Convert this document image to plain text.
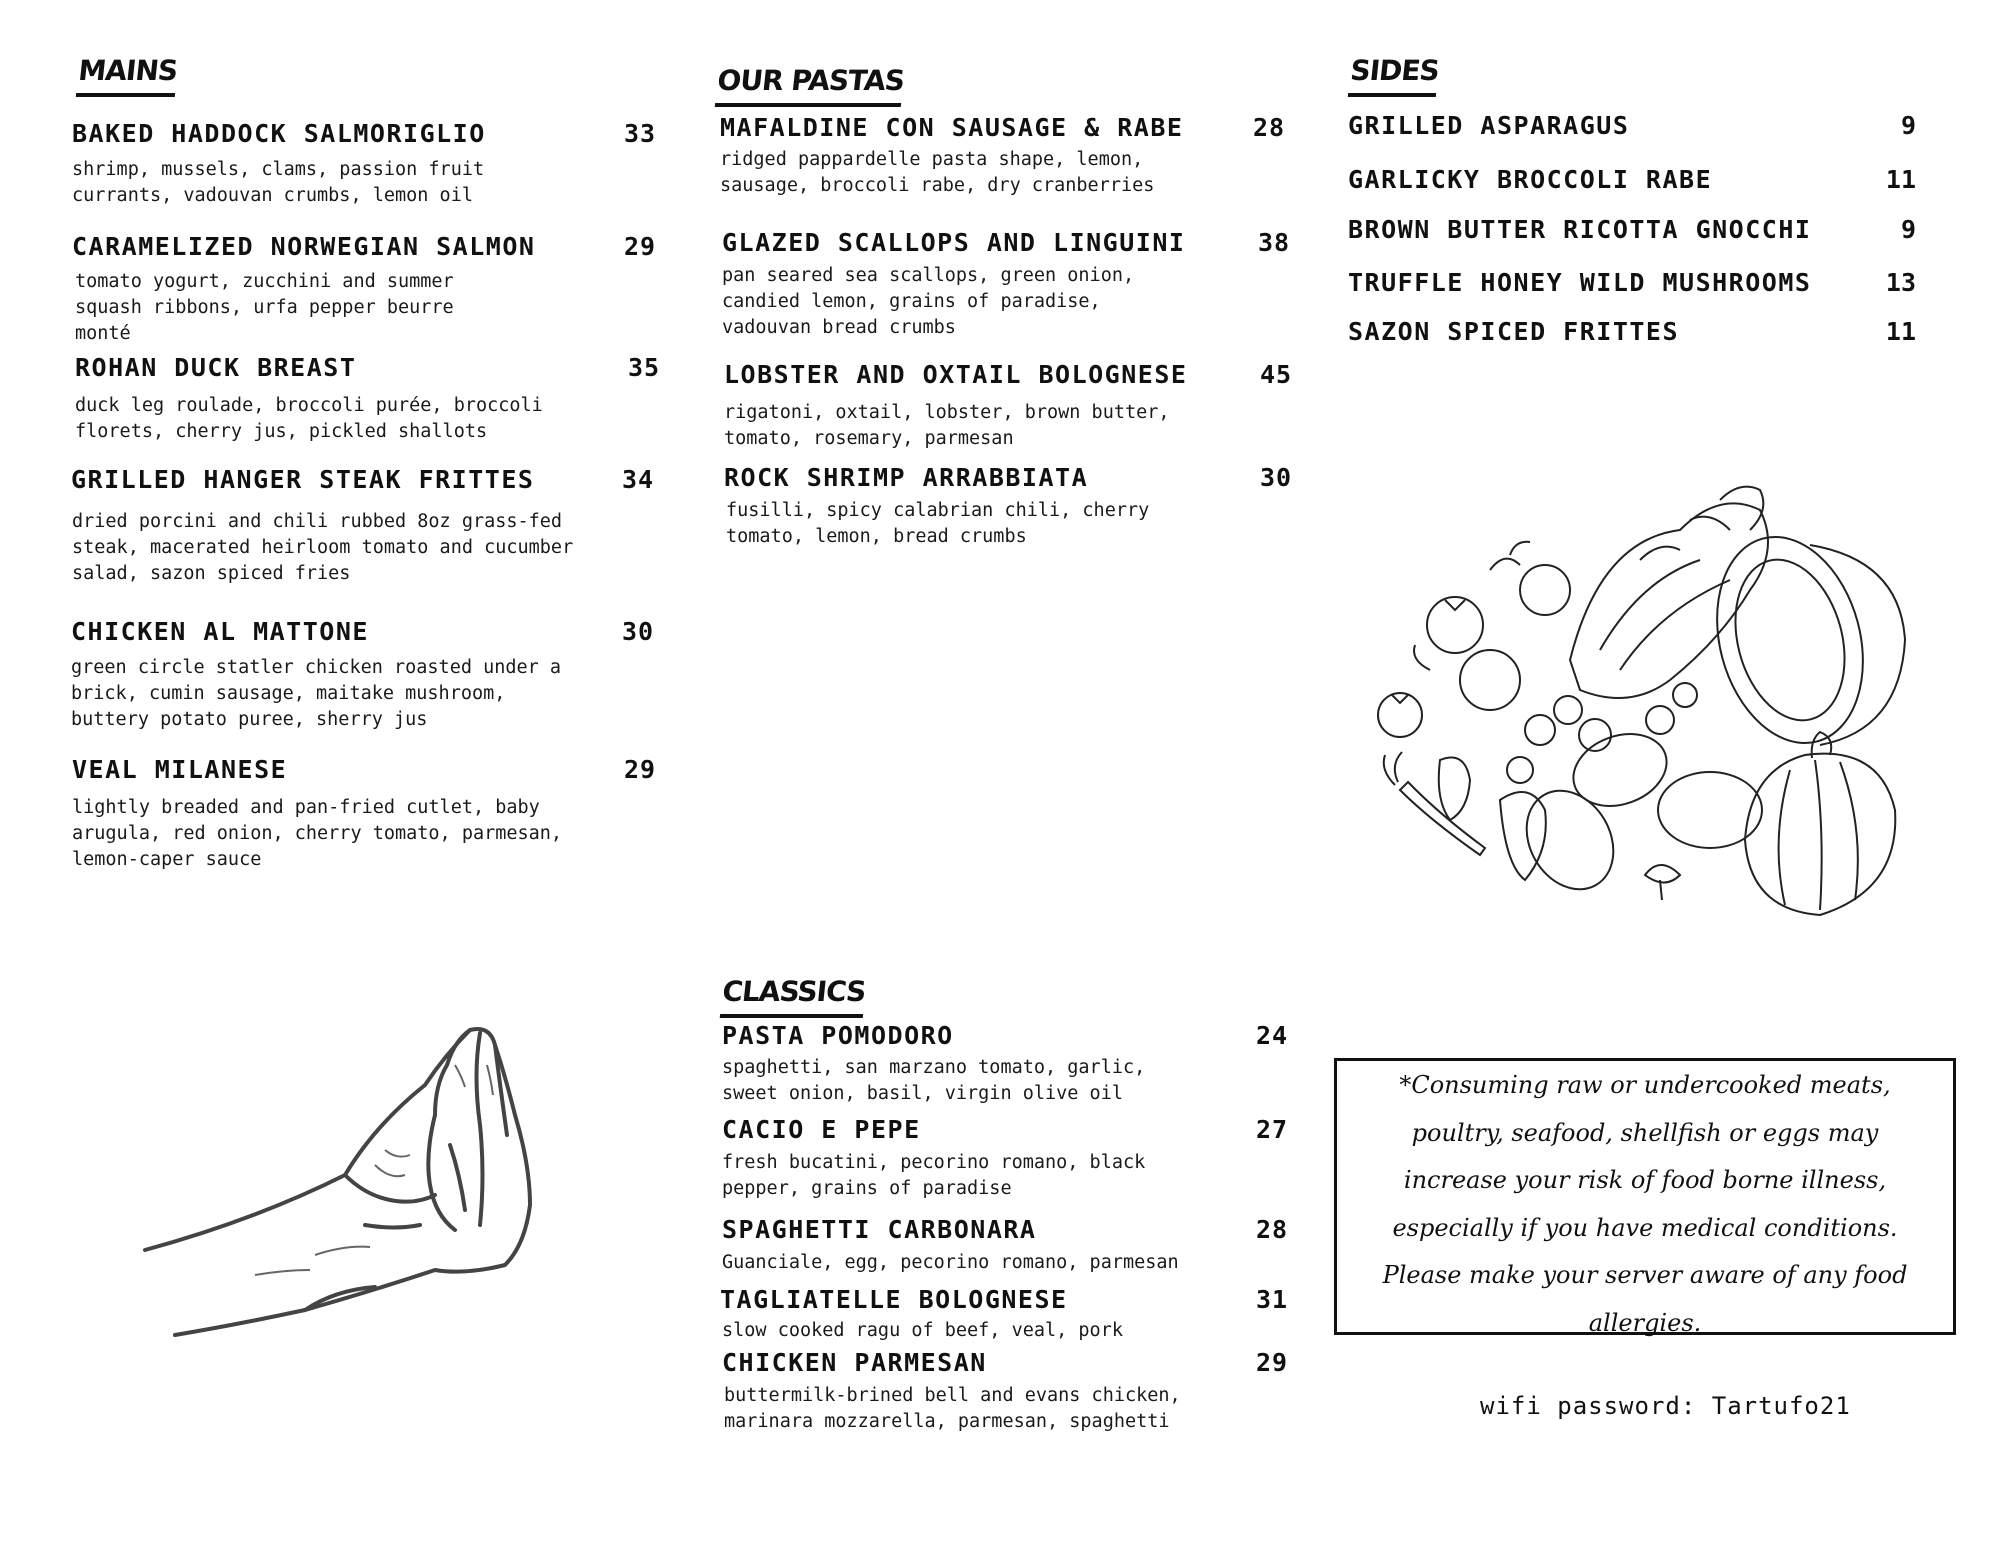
MAINS
BAKED HADDOCK SALMORIGLIO	33
shrimp, mussels, clams, passion fruit
currants, vadouvan crumbs, lemon oil
CARAMELIZED NORWEGIAN SALMON	29
tomato yogurt, zucchini and summer
squash ribbons, urfa pepper beurre
monté
ROHAN DUCK BREAST	35
duck leg roulade, broccoli purée, broccoli
florets, cherry jus, pickled shallots
GRILLED HANGER STEAK FRITTES	34
dried porcini and chili rubbed 8oz grass-fed
steak, macerated heirloom tomato and cucumber
salad, sazon spiced fries
CHICKEN AL MATTONE	30
green circle statler chicken roasted under a
brick, cumin sausage, maitake mushroom,
buttery potato puree, sherry jus
VEAL MILANESE	29
lightly breaded and pan-fried cutlet, baby
arugula, red onion, cherry tomato, parmesan,
lemon-caper sauce
OUR PASTAS
MAFALDINE CON SAUSAGE & RABE	28
ridged pappardelle pasta shape, lemon,
sausage, broccoli rabe, dry cranberries
GLAZED SCALLOPS AND LINGUINI	38
pan seared sea scallops, green onion,
candied lemon, grains of paradise,
vadouvan bread crumbs
LOBSTER AND OXTAIL BOLOGNESE	45
rigatoni, oxtail, lobster, brown butter,
tomato, rosemary, parmesan
ROCK SHRIMP ARRABBIATA	30
fusilli, spicy calabrian chili, cherry
tomato, lemon, bread crumbs
SIDES
GRILLED ASPARAGUS	9
GARLICKY BROCCOLI RABE	11
BROWN BUTTER RICOTTA GNOCCHI	9
TRUFFLE HONEY WILD MUSHROOMS	13
SAZON SPICED FRITTES	11
CLASSICS
PASTA POMODORO	24
spaghetti, san marzano tomato, garlic,
sweet onion, basil, virgin olive oil
CACIO E PEPE	27
fresh bucatini, pecorino romano, black
pepper, grains of paradise
SPAGHETTI CARBONARA	28
Guanciale, egg, pecorino romano, parmesan
TAGLIATELLE BOLOGNESE	31
slow cooked ragu of beef, veal, pork
CHICKEN PARMESAN	29
buttermilk-brined bell and evans chicken,
marinara mozzarella, parmesan, spaghetti
*Consuming raw or undercooked meats,
poultry, seafood, shellfish or eggs may
increase your risk of food borne illness,
especially if you have medical conditions.
Please make your server aware of any food
allergies.
wifi password: Tartufo21
